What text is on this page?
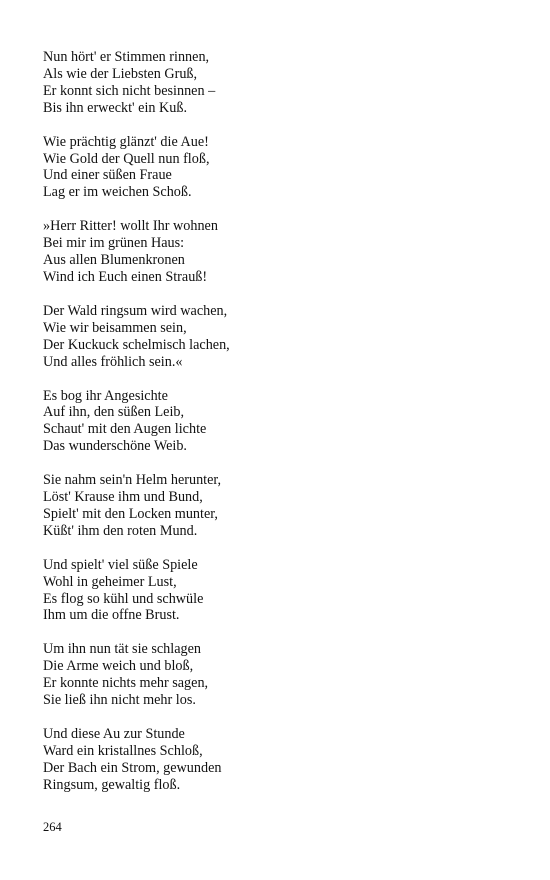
Nun hört' er Stimmen rinnen,
Als wie der Liebsten Gruß,
Er konnt sich nicht besinnen –
Bis ihn erweckt' ein Kuß.
Wie prächtig glänzt' die Aue!
Wie Gold der Quell nun floß,
Und einer süßen Fraue
Lag er im weichen Schoß.
»Herr Ritter! wollt Ihr wohnen
Bei mir im grünen Haus:
Aus allen Blumenkronen
Wind ich Euch einen Strauß!
Der Wald ringsum wird wachen,
Wie wir beisammen sein,
Der Kuckuck schelmisch lachen,
Und alles fröhlich sein.«
Es bog ihr Angesichte
Auf ihn, den süßen Leib,
Schaut' mit den Augen lichte
Das wunderschöne Weib.
Sie nahm sein'n Helm herunter,
Löst' Krause ihm und Bund,
Spielt' mit den Locken munter,
Küßt' ihm den roten Mund.
Und spielt' viel süße Spiele
Wohl in geheimer Lust,
Es flog so kühl und schwüle
Ihm um die offne Brust.
Um ihn nun tät sie schlagen
Die Arme weich und bloß,
Er konnte nichts mehr sagen,
Sie ließ ihn nicht mehr los.
Und diese Au zur Stunde
Ward ein kristallnes Schloß,
Der Bach ein Strom, gewunden
Ringsum, gewaltig floß.
264
